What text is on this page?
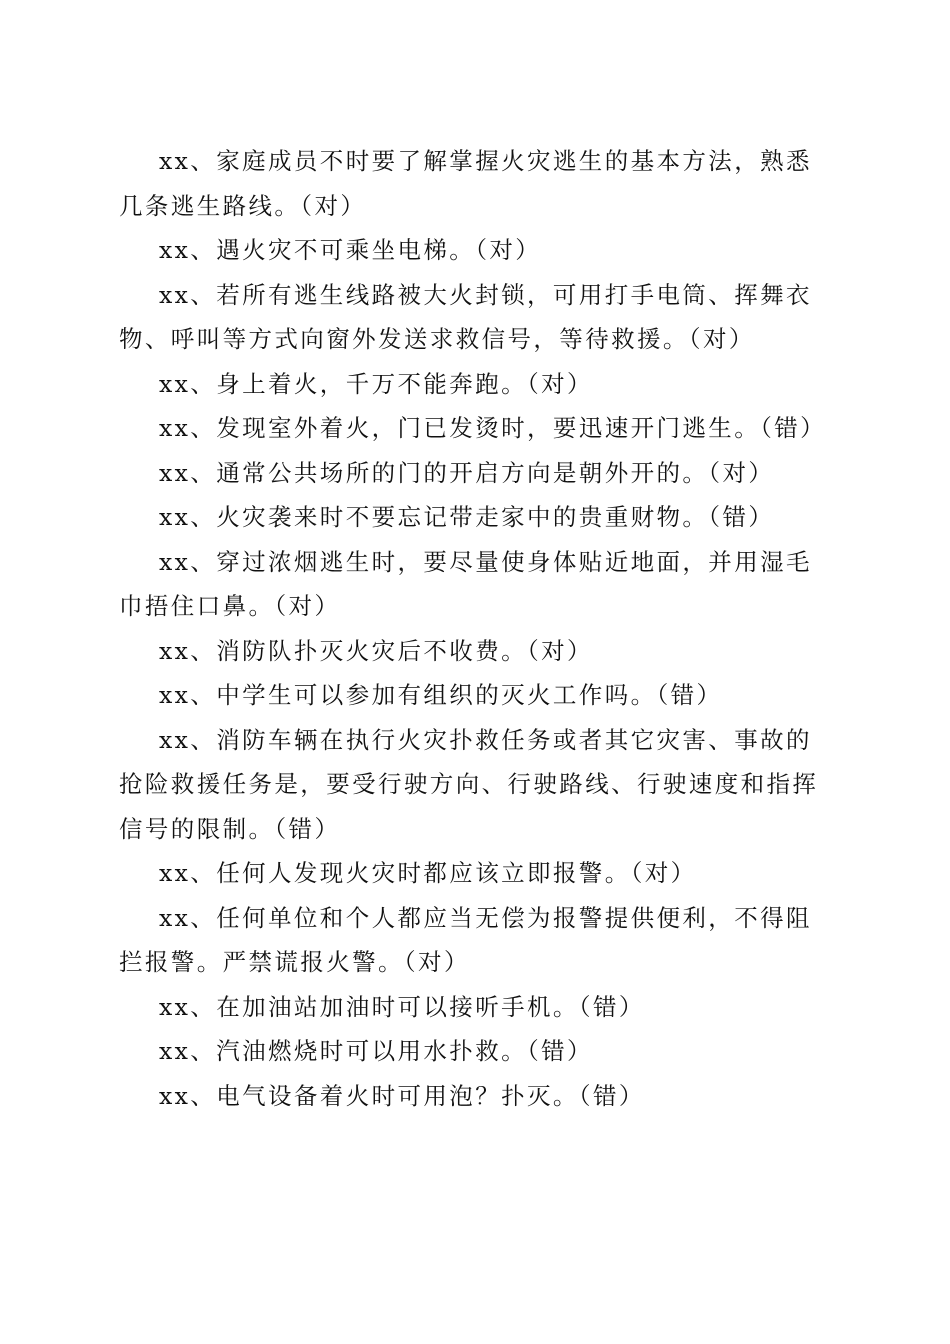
xx、家庭成员不时要了解掌握火灾逃生的基本方法，熟悉几条逃生路线。（对）

xx、遇火灾不可乘坐电梯。（对）

xx、若所有逃生线路被大火封锁，可用打手电筒、挥舞衣物、呼叫等方式向窗外发送求救信号，等待救援。（对）

xx、身上着火，千万不能奔跑。（对）

xx、发现室外着火，门已发烫时，要迅速开门逃生。（错）

xx、通常公共场所的门的开启方向是朝外开的。（对）

xx、火灾袭来时不要忘记带走家中的贵重财物。（错）

xx、穿过浓烟逃生时，要尽量使身体贴近地面，并用湿毛巾捂住口鼻。（对）

xx、消防队扑灭火灾后不收费。（对）

xx、中学生可以参加有组织的灭火工作吗。（错）

xx、消防车辆在执行火灾扑救任务或者其它灾害、事故的抢险救援任务是，要受行驶方向、行驶路线、行驶速度和指挥信号的限制。（错）

xx、任何人发现火灾时都应该立即报警。（对）

xx、任何单位和个人都应当无偿为报警提供便利，不得阻拦报警。严禁谎报火警。（对）

xx、在加油站加油时可以接听手机。（错）

xx、汽油燃烧时可以用水扑救。（错）

xx、电气设备着火时可用泡？扑灭。（错）
